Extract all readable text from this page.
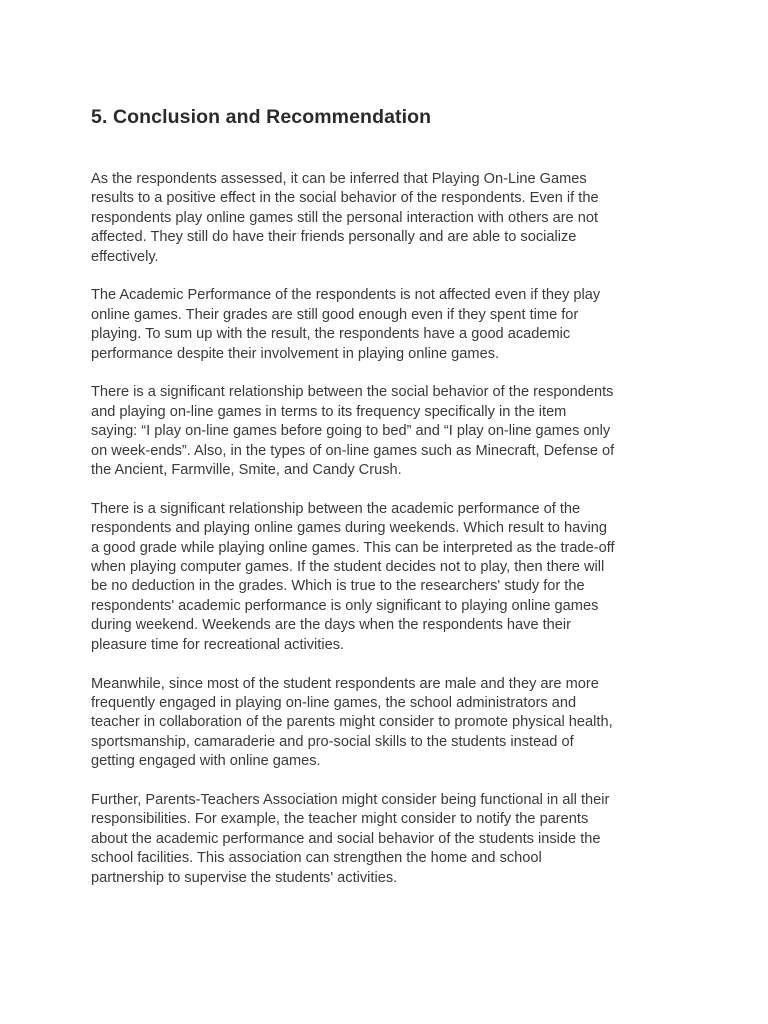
5. Conclusion and Recommendation

As the respondents assessed, it can be inferred that Playing On-Line Games
results to a positive effect in the social behavior of the respondents. Even if the
respondents play online games still the personal interaction with others are not
affected. They still do have their friends personally and are able to socialize
effectively.

The Academic Performance of the respondents is not affected even if they play
online games. Their grades are still good enough even if they spent time for
playing. To sum up with the result, the respondents have a good academic
performance despite their involvement in playing online games.

There is a significant relationship between the social behavior of the respondents
and playing on-line games in terms to its frequency specifically in the item
saying: “I play on-line games before going to bed” and “I play on-line games only
on week-ends”. Also, in the types of on-line games such as Minecraft, Defense of
the Ancient, Farmville, Smite, and Candy Crush.

There is a significant relationship between the academic performance of the
respondents and playing online games during weekends. Which result to having
a good grade while playing online games. This can be interpreted as the trade-off
when playing computer games. If the student decides not to play, then there will
be no deduction in the grades. Which is true to the researchers' study for the
respondents' academic performance is only significant to playing online games
during weekend. Weekends are the days when the respondents have their
pleasure time for recreational activities.

Meanwhile, since most of the student respondents are male and they are more
frequently engaged in playing on-line games, the school administrators and
teacher in collaboration of the parents might consider to promote physical health,
sportsmanship, camaraderie and pro-social skills to the students instead of
getting engaged with online games.

Further, Parents-Teachers Association might consider being functional in all their
responsibilities. For example, the teacher might consider to notify the parents
about the academic performance and social behavior of the students inside the
school facilities. This association can strengthen the home and school
partnership to supervise the students' activities.
